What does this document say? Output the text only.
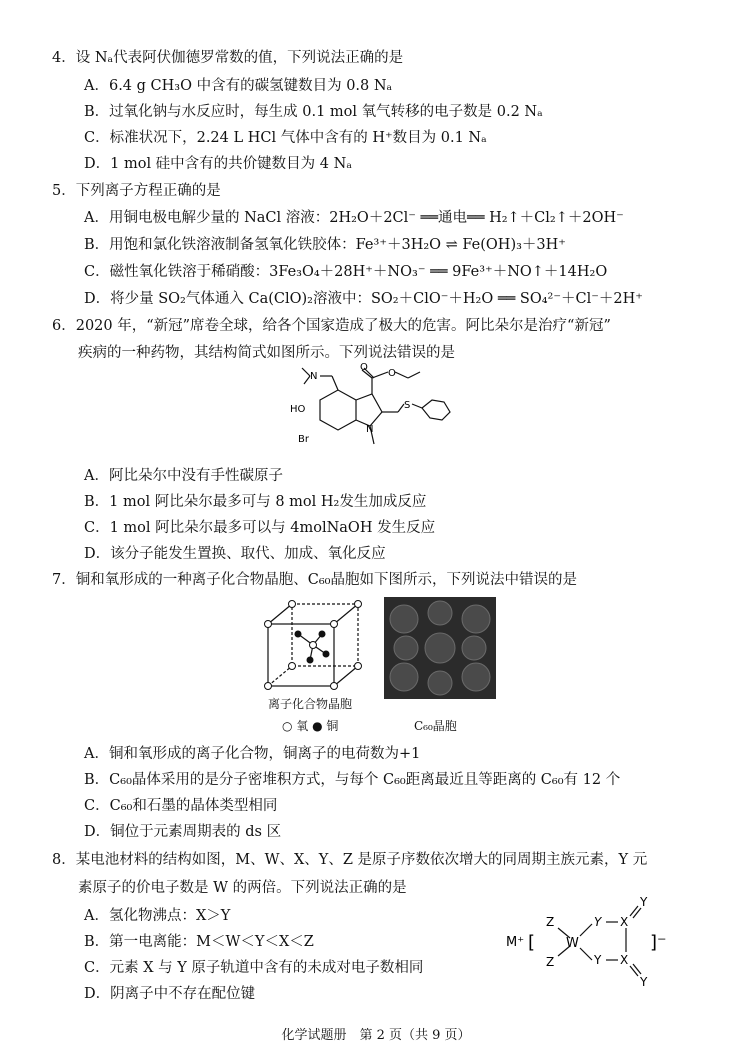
4．设 Nₐ代表阿伏伽德罗常数的值，下列说法正确的是
A．6.4 g CH₃O 中含有的碳氢键数目为 0.8 Nₐ
B．过氧化钠与水反应时，每生成 0.1 mol 氧气转移的电子数是 0.2 Nₐ
C．标准状况下，2.24 L HCl 气体中含有的 H⁺数目为 0.1 Nₐ
D．1 mol 硅中含有的共价键数目为 4 Nₐ
5．下列离子方程正确的是
A．用铜电极电解少量的 NaCl 溶液：2H₂O＋2Cl⁻ ══通电══ H₂↑＋Cl₂↑＋2OH⁻
B．用饱和氯化铁溶液制备氢氧化铁胶体：Fe³⁺＋3H₂O ⇌ Fe(OH)₃＋3H⁺
C．磁性氧化铁溶于稀硝酸：3Fe₃O₄＋28H⁺＋NO₃⁻ ══ 9Fe³⁺＋NO↑＋14H₂O
D．将少量 SO₂气体通入 Ca(ClO)₂溶液中：SO₂＋ClO⁻＋H₂O ══ SO₄²⁻＋Cl⁻＋2H⁺
6．2020 年，“新冠”席卷全球，给各个国家造成了极大的危害。阿比朵尔是治疗“新冠”
疾病的一种药物，其结构简式如图所示。下列说法错误的是
N
O
O
HO
Br
S
N
A．阿比朵尔中没有手性碳原子
B．1 mol 阿比朵尔最多可与 8 mol H₂发生加成反应
C．1 mol 阿比朵尔最多可以与 4molNaOH 发生反应
D．该分子能发生置换、取代、加成、氧化反应
7．铜和氧形成的一种离子化合物晶胞、C₆₀晶胞如下图所示，下列说法中错误的是
离子化合物晶胞
○ 氧 ● 铜	C₆₀晶胞
A．铜和氧形成的离子化合物，铜离子的电荷数为+1
B．C₆₀晶体采用的是分子密堆积方式，与每个 C₆₀距离最近且等距离的 C₆₀有 12 个
C．C₆₀和石墨的晶体类型相同
D．铜位于元素周期表的 ds 区
8．某电池材料的结构如图，M、W、X、Y、Z 是原子序数依次增大的同周期主族元素，Y 元
素原子的价电子数是 W 的两倍。下列说法正确的是
A．氢化物沸点：X＞Y
B．第一电离能：M＜W＜Y＜X＜Z
C．元素 X 与 Y 原子轨道中含有的未成对电子数相同
D．阴离子中不存在配位键
M⁺ [ W
Z
Z
Y
Y
X
X
Y
Y
]⁻
化学试题册　第 2 页（共 9 页）
